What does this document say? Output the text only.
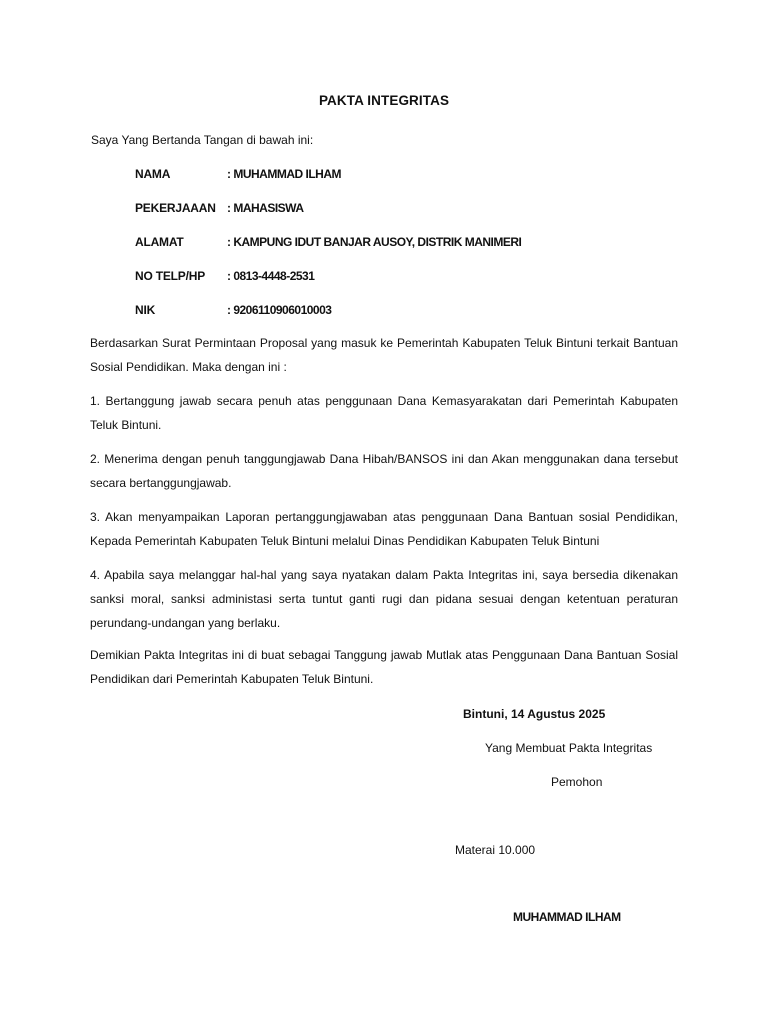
PAKTA INTEGRITAS
Saya Yang Bertanda Tangan di bawah ini:
NAMA	: MUHAMMAD ILHAM
PEKERJAAAN : MAHASISWA
ALAMAT	: KAMPUNG IDUT BANJAR AUSOY, DISTRIK MANIMERI
NO TELP/HP : 0813-4448-2531
NIK	: 9206110906010003

Berdasarkan Surat Permintaan Proposal yang masuk ke Pemerintah Kabupaten Teluk Bintuni terkait Bantuan Sosial Pendidikan. Maka dengan ini :

1. Bertanggung jawab secara penuh atas penggunaan Dana Kemasyarakatan dari Pemerintah Kabupaten Teluk Bintuni.

2. Menerima dengan penuh tanggungjawab Dana Hibah/BANSOS ini dan Akan menggunakan dana tersebut secara bertanggungjawab.

3. Akan menyampaikan Laporan pertanggungjawaban atas penggunaan Dana Bantuan sosial Pendidikan, Kepada Pemerintah Kabupaten Teluk Bintuni melalui Dinas Pendidikan Kabupaten Teluk Bintuni

4. Apabila saya melanggar hal-hal yang saya nyatakan dalam Pakta Integritas ini, saya bersedia dikenakan sanksi moral, sanksi administasi serta tuntut ganti rugi dan pidana sesuai dengan ketentuan peraturan perundang-undangan yang berlaku.

Demikian Pakta Integritas ini di buat sebagai Tanggung jawab Mutlak atas Penggunaan Dana Bantuan Sosial Pendidikan dari Pemerintah Kabupaten Teluk Bintuni.

Bintuni, 14 Agustus 2025
Yang Membuat Pakta Integritas
Pemohon
Materai 10.000
MUHAMMAD ILHAM
